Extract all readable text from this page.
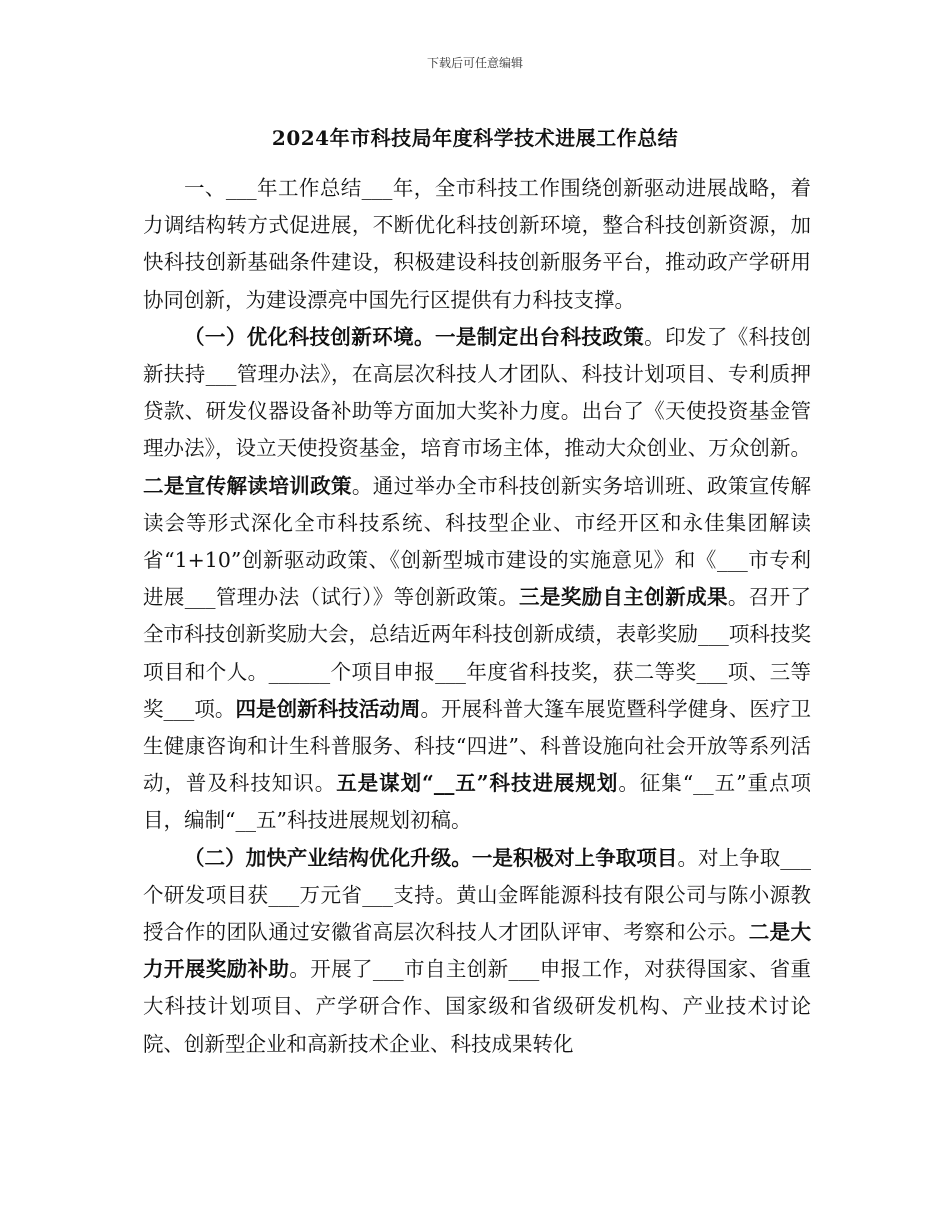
下载后可任意编辑
2024年市科技局年度科学技术进展工作总结

一、___年工作总结___年，全市科技工作围绕创新驱动进展战略，着力调结构转方式促进展，不断优化科技创新环境，整合科技创新资源，加快科技创新基础条件建设，积极建设科技创新服务平台，推动政产学研用协同创新，为建设漂亮中国先行区提供有力科技支撑。

（一）优化科技创新环境。一是制定出台科技政策。印发了《科技创新扶持___管理办法》，在高层次科技人才团队、科技计划项目、专利质押贷款、研发仪器设备补助等方面加大奖补力度。出台了《天使投资基金管理办法》，设立天使投资基金，培育市场主体，推动大众创业、万众创新。二是宣传解读培训政策。通过举办全市科技创新实务培训班、政策宣传解读会等形式深化全市科技系统、科技型企业、市经开区和永佳集团解读省“1+10”创新驱动政策、《创新型城市建设的实施意见》和《___市专利进展___管理办法（试行）》等创新政策。三是奖励自主创新成果。召开了全市科技创新奖励大会，总结近两年科技创新成绩，表彰奖励___项科技奖项目和个人。______个项目申报___年度省科技奖，获二等奖___项、三等奖___项。四是创新科技活动周。开展科普大篷车展览暨科学健身、医疗卫生健康咨询和计生科普服务、科技“四进”、科普设施向社会开放等系列活动，普及科技知识。五是谋划“__五”科技进展规划。征集“__五”重点项目，编制“__五”科技进展规划初稿。

（二）加快产业结构优化升级。一是积极对上争取项目。对上争取___个研发项目获___万元省___支持。黄山金晖能源科技有限公司与陈小源教授合作的团队通过安徽省高层次科技人才团队评审、考察和公示。二是大力开展奖励补助。开展了___市自主创新___申报工作，对获得国家、省重大科技计划项目、产学研合作、国家级和省级研发机构、产业技术讨论院、创新型企业和高新技术企业、科技成果转化
